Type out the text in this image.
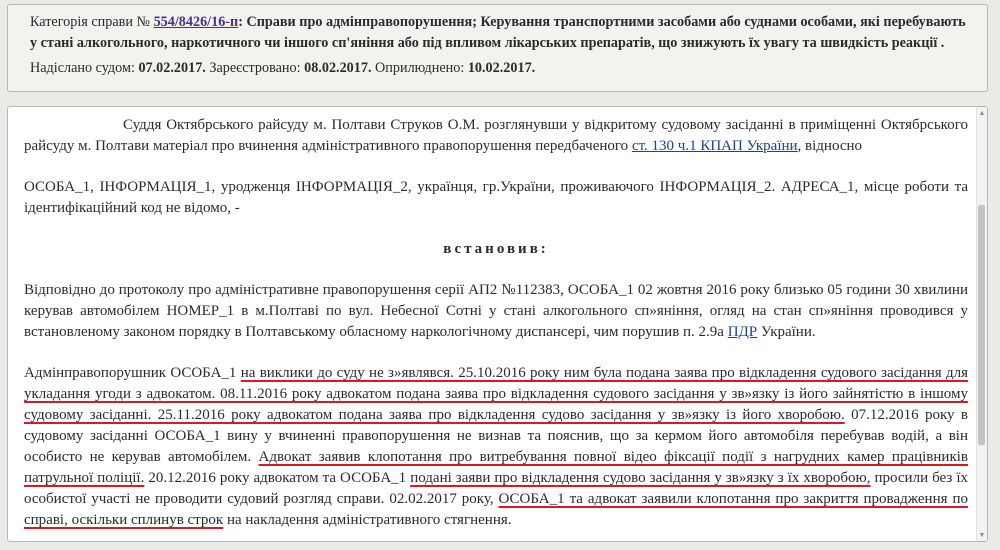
Категорія справи № 554/8426/16-п: Справи про адмінправопорушення; Керування транспортними засобами або суднами особами, які перебувають у стані алкогольного, наркотичного чи іншого сп'яніння або під впливом лікарських препаратів, що знижують їх увагу та швидкість реакції .

Надіслано судом: 07.02.2017. Зареєстровано: 08.02.2017. Оприлюднено: 10.02.2017.

Суддя Октябрського райсуду м. Полтави Струков О.М. розглянувши у відкритому судовому засіданні в приміщенні Октябрського райсуду м. Полтави матеріал про вчинення адміністративного правопорушення передбаченого ст. 130 ч.1 КПАП України, відносно

ОСОБА_1, ІНФОРМАЦІЯ_1, уродженця ІНФОРМАЦІЯ_2, українця, гр.України, проживаючого ІНФОРМАЦІЯ_2. АДРЕСА_1, місце роботи та ідентифікаційний код не відомо, -

встановив:

Відповідно до протоколу про адміністративне правопорушення серії АП2 №112383, ОСОБА_1 02 жовтня 2016 року близько 05 години 30 хвилини керував автомобілем НОМЕР_1 в м.Полтаві по вул. Небесної Сотні у стані алкогольного сп»яніння, огляд на стан сп»яніння проводився у встановленому законом порядку в Полтавському обласному наркологічному диспансері, чим порушив п. 2.9а ПДР України.

Адмінправопорушник ОСОБА_1 на виклики до суду не з»являвся. 25.10.2016 року ним була подана заява про відкладення судового засідання для укладання угоди з адвокатом. 08.11.2016 року адвокатом подана заява про відкладення судового засідання у зв»язку із його зайнятістю в іншому судовому засіданні. 25.11.2016 року адвокатом подана заява про відкладення судово засідання у зв»язку із його хворобою. 07.12.2016 року в судовому засіданні ОСОБА_1 вину у вчиненні правопорушення не визнав та пояснив, що за кермом його автомобіля перебував водій, а він особисто не керував автомобілем. Адвокат заявив клопотання про витребування повної відео фіксації події з нагрудних камер працівників патрульної поліції. 20.12.2016 року адвокатом та ОСОБА_1 подані заяви про відкладення судово засідання у зв»язку з їх хворобою, просили без їх особистої участі не проводити судовий розгляд справи. 02.02.2017 року, ОСОБА_1 та адвокат заявили клопотання про закриття провадження по справі, оскільки сплинув строк на накладення адміністративного стягнення.

▲
▼
